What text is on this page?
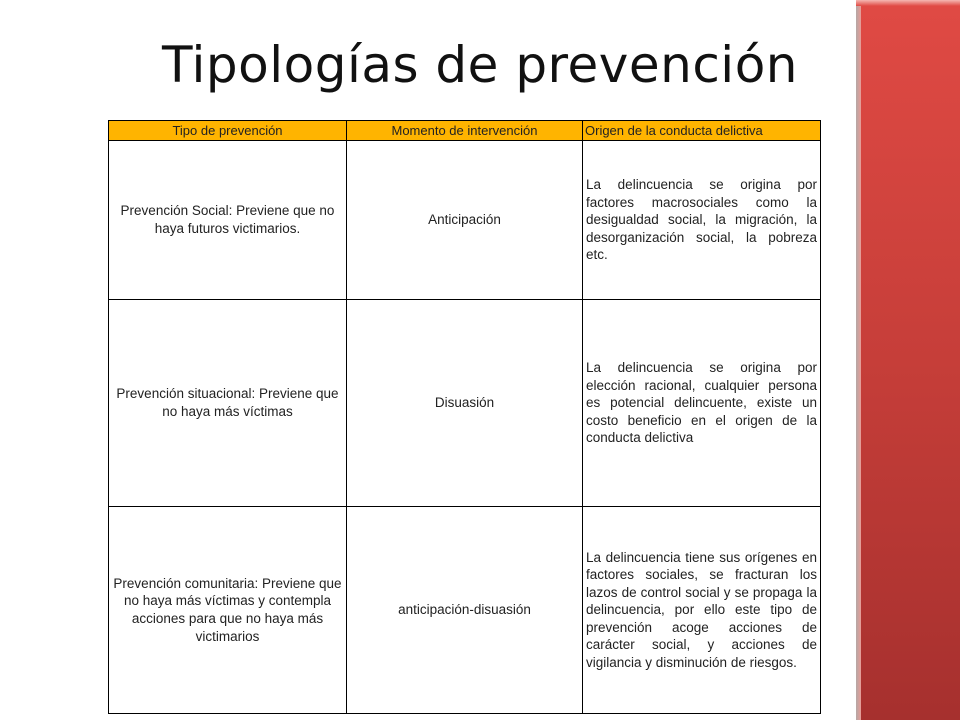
Tipologías de prevención
Tipo de prevención	Momento de intervención	Origen de la conducta delictiva
Prevención Social: Previene que no haya futuros victimarios.	Anticipación	La delincuencia se origina por factores macrosociales como la desigualdad social, la migración, la desorganización social, la pobreza etc.
Prevención situacional: Previene que no haya más víctimas	Disuasión	La delincuencia se origina por elección racional, cualquier persona es potencial delincuente, existe un costo beneficio en el origen de la conducta delictiva
Prevención comunitaria: Previene que no haya más víctimas y contempla acciones para que no haya más victimarios	anticipación-disuasión	La delincuencia tiene sus orígenes en factores sociales, se fracturan los lazos de control social y se propaga la delincuencia, por ello este tipo de prevención acoge acciones de carácter social, y acciones de vigilancia y disminución de riesgos.
